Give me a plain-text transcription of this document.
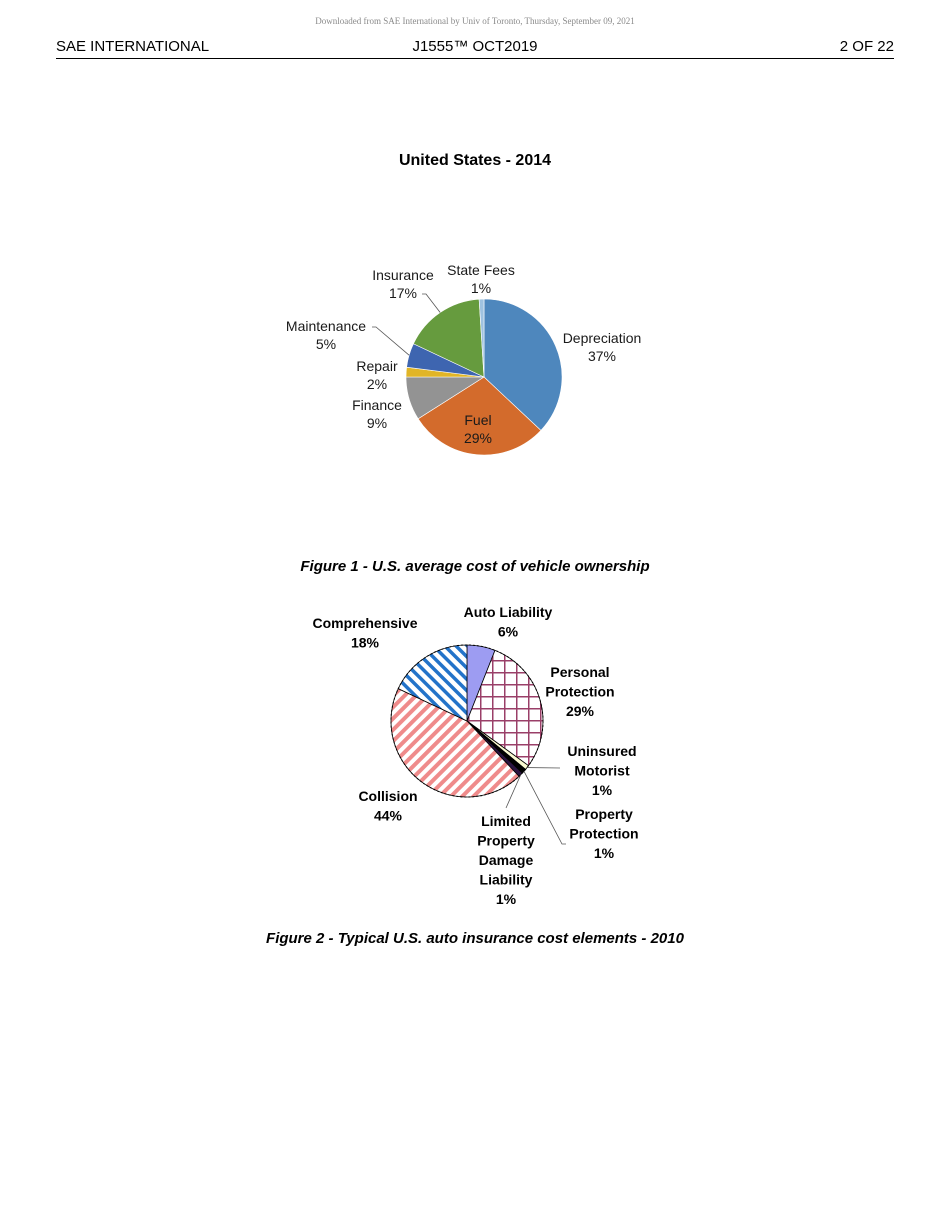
Downloaded from SAE International by Univ of Toronto, Thursday, September 09, 2021
SAE INTERNATIONAL	J1555™ OCT2019	2 OF 22
United States - 2014
Depreciation 37%
Fuel 29%
Finance 9%
Repair 2%
Maintenance 5%
Insurance 17%
State Fees 1%
Figure 1 - U.S. average cost of vehicle ownership
Auto Liability 6%
Personal Protection 29%
Uninsured Motorist 1%
Property Protection 1%
Limited Property Damage Liability 1%
Collision 44%
Comprehensive 18%
Figure 2 - Typical U.S. auto insurance cost elements - 2010
